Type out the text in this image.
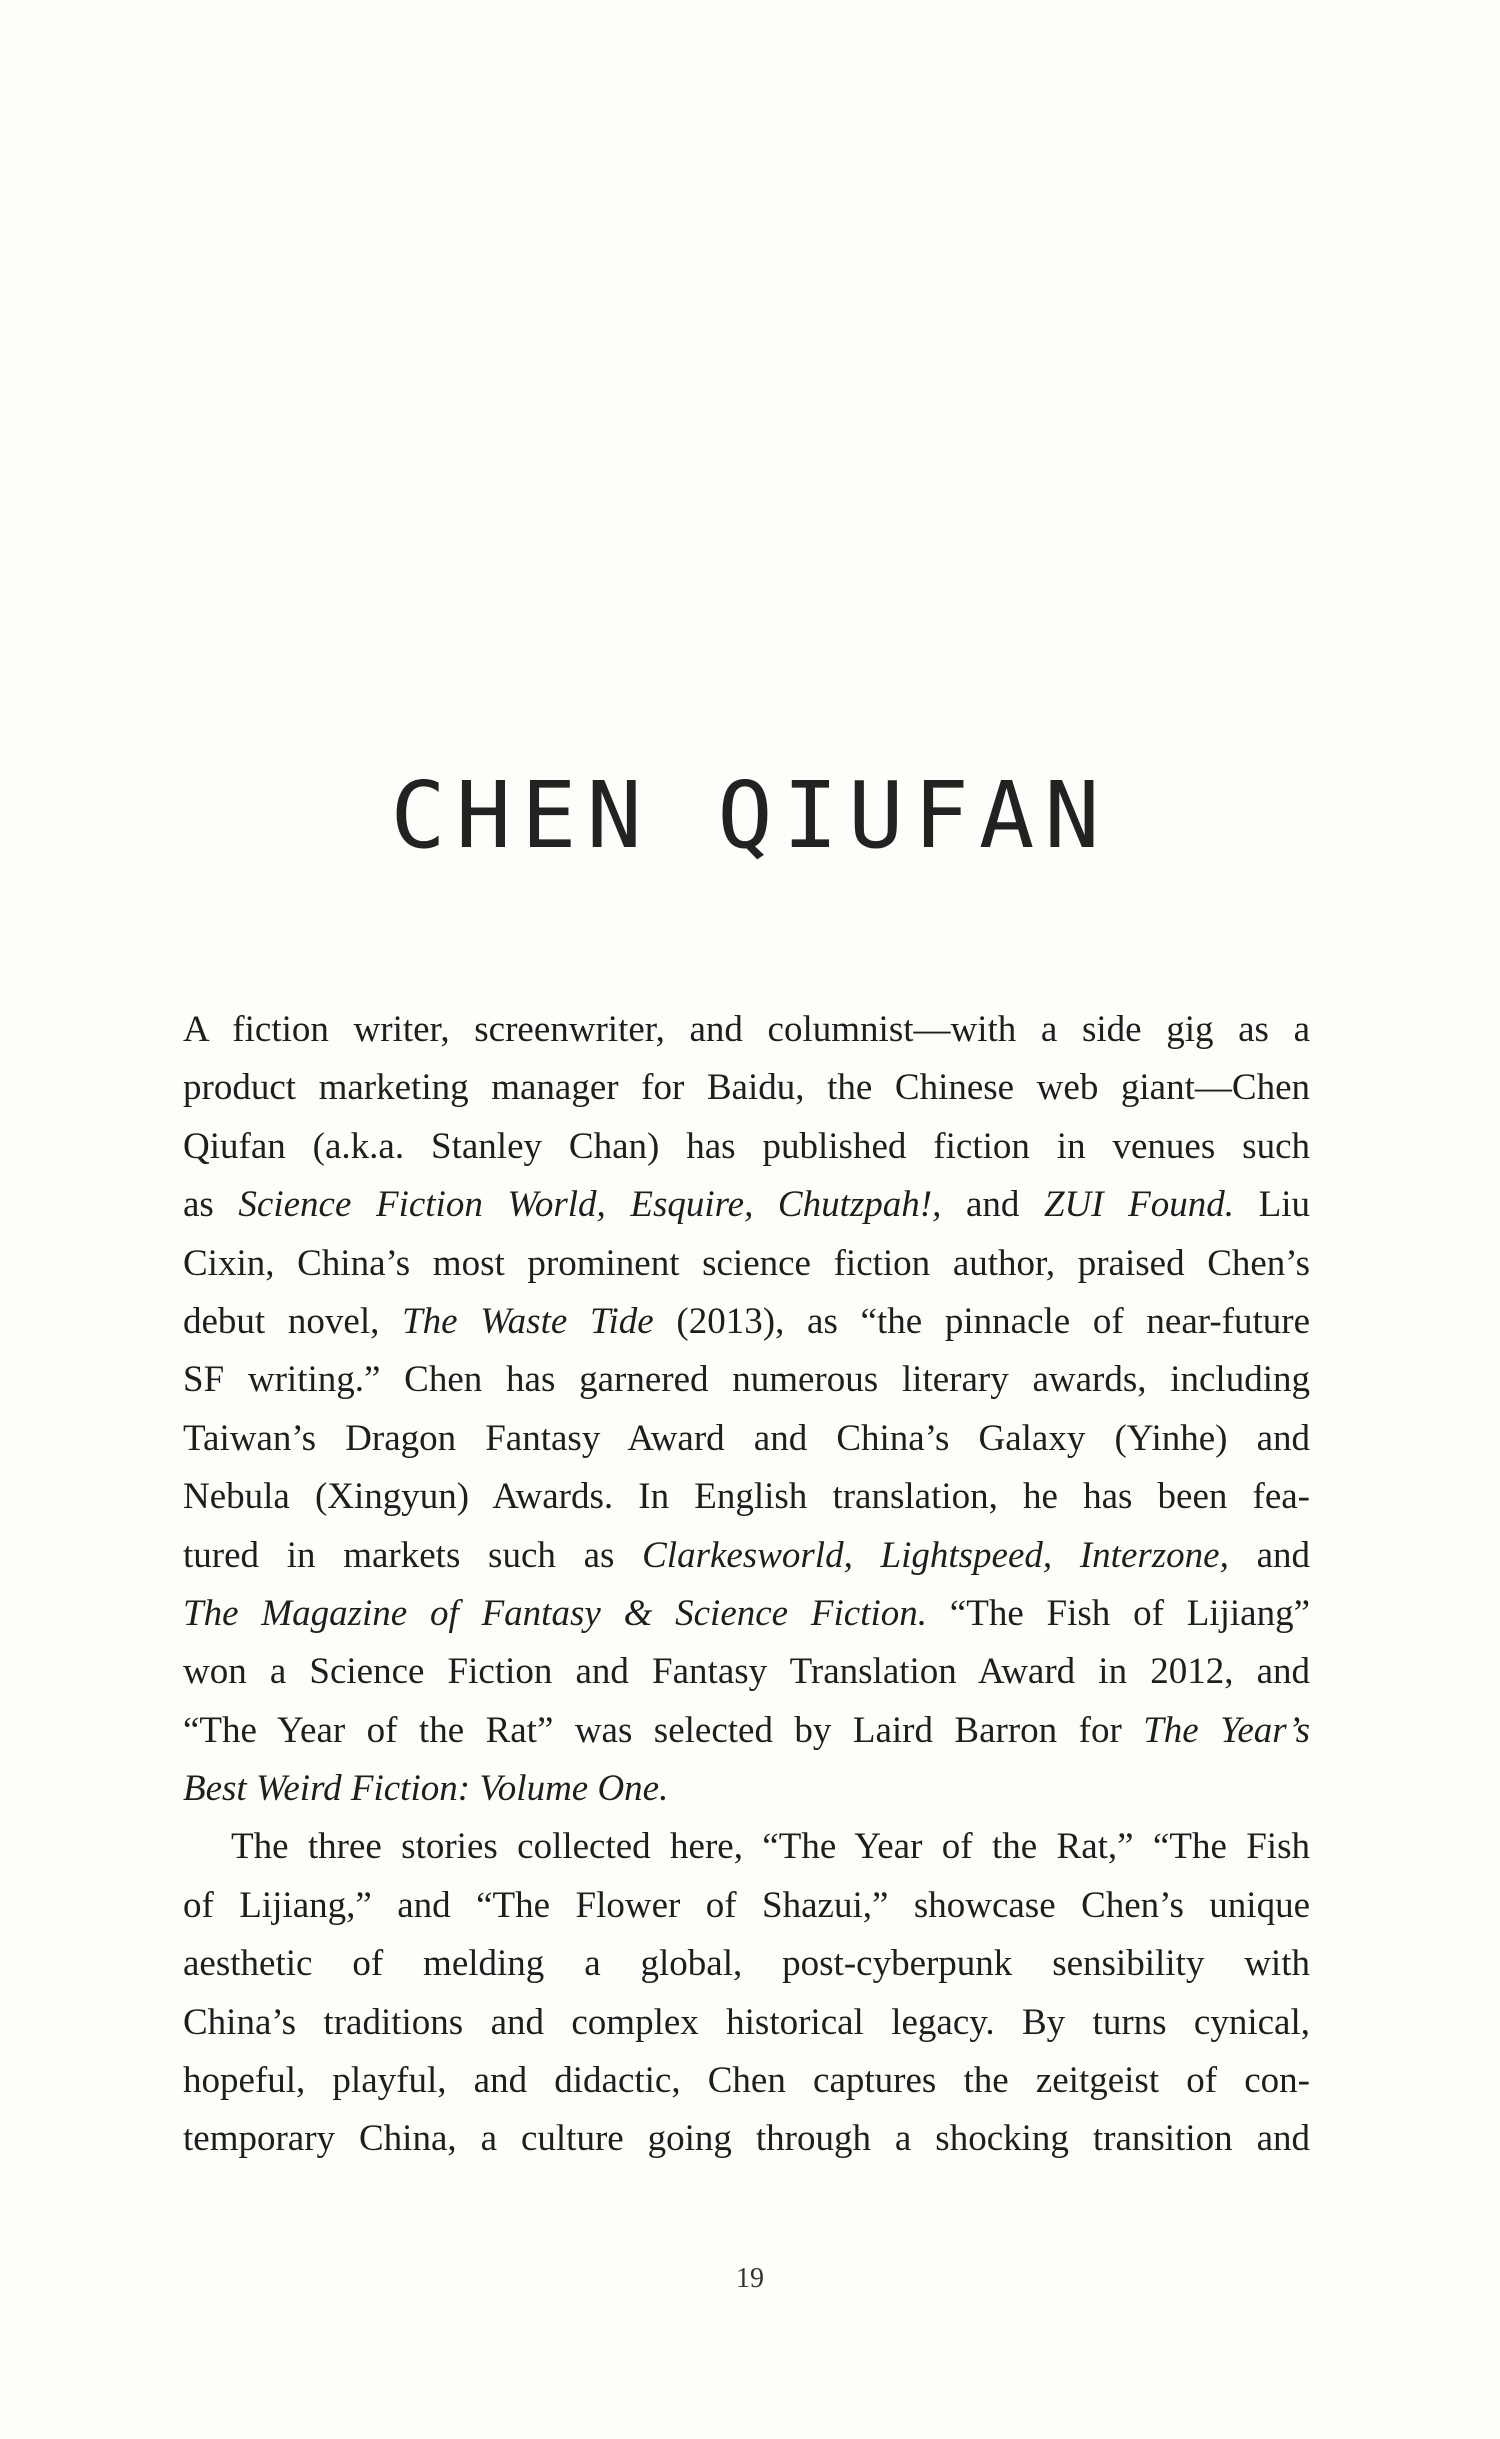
CHEN QIUFAN
A fiction writer, screenwriter, and columnist—with a side gig as a
product marketing manager for Baidu, the Chinese web giant—Chen
Qiufan (a.k.a. Stanley Chan) has published fiction in venues such
as Science Fiction World, Esquire, Chutzpah!, and ZUI Found. Liu
Cixin, China’s most prominent science fiction author, praised Chen’s
debut novel, The Waste Tide (2013), as “the pinnacle of near-future
SF writing.” Chen has garnered numerous literary awards, including
Taiwan’s Dragon Fantasy Award and China’s Galaxy (Yinhe) and
Nebula (Xingyun) Awards. In English translation, he has been fea-
tured in markets such as Clarkesworld, Lightspeed, Interzone, and
The Magazine of Fantasy & Science Fiction. “The Fish of Lijiang”
won a Science Fiction and Fantasy Translation Award in 2012, and
“The Year of the Rat” was selected by Laird Barron for The Year’s
Best Weird Fiction: Volume One.
The three stories collected here, “The Year of the Rat,” “The Fish
of Lijiang,” and “The Flower of Shazui,” showcase Chen’s unique
aesthetic of melding a global, post-cyberpunk sensibility with
China’s traditions and complex historical legacy. By turns cynical,
hopeful, playful, and didactic, Chen captures the zeitgeist of con-
temporary China, a culture going through a shocking transition and
19
